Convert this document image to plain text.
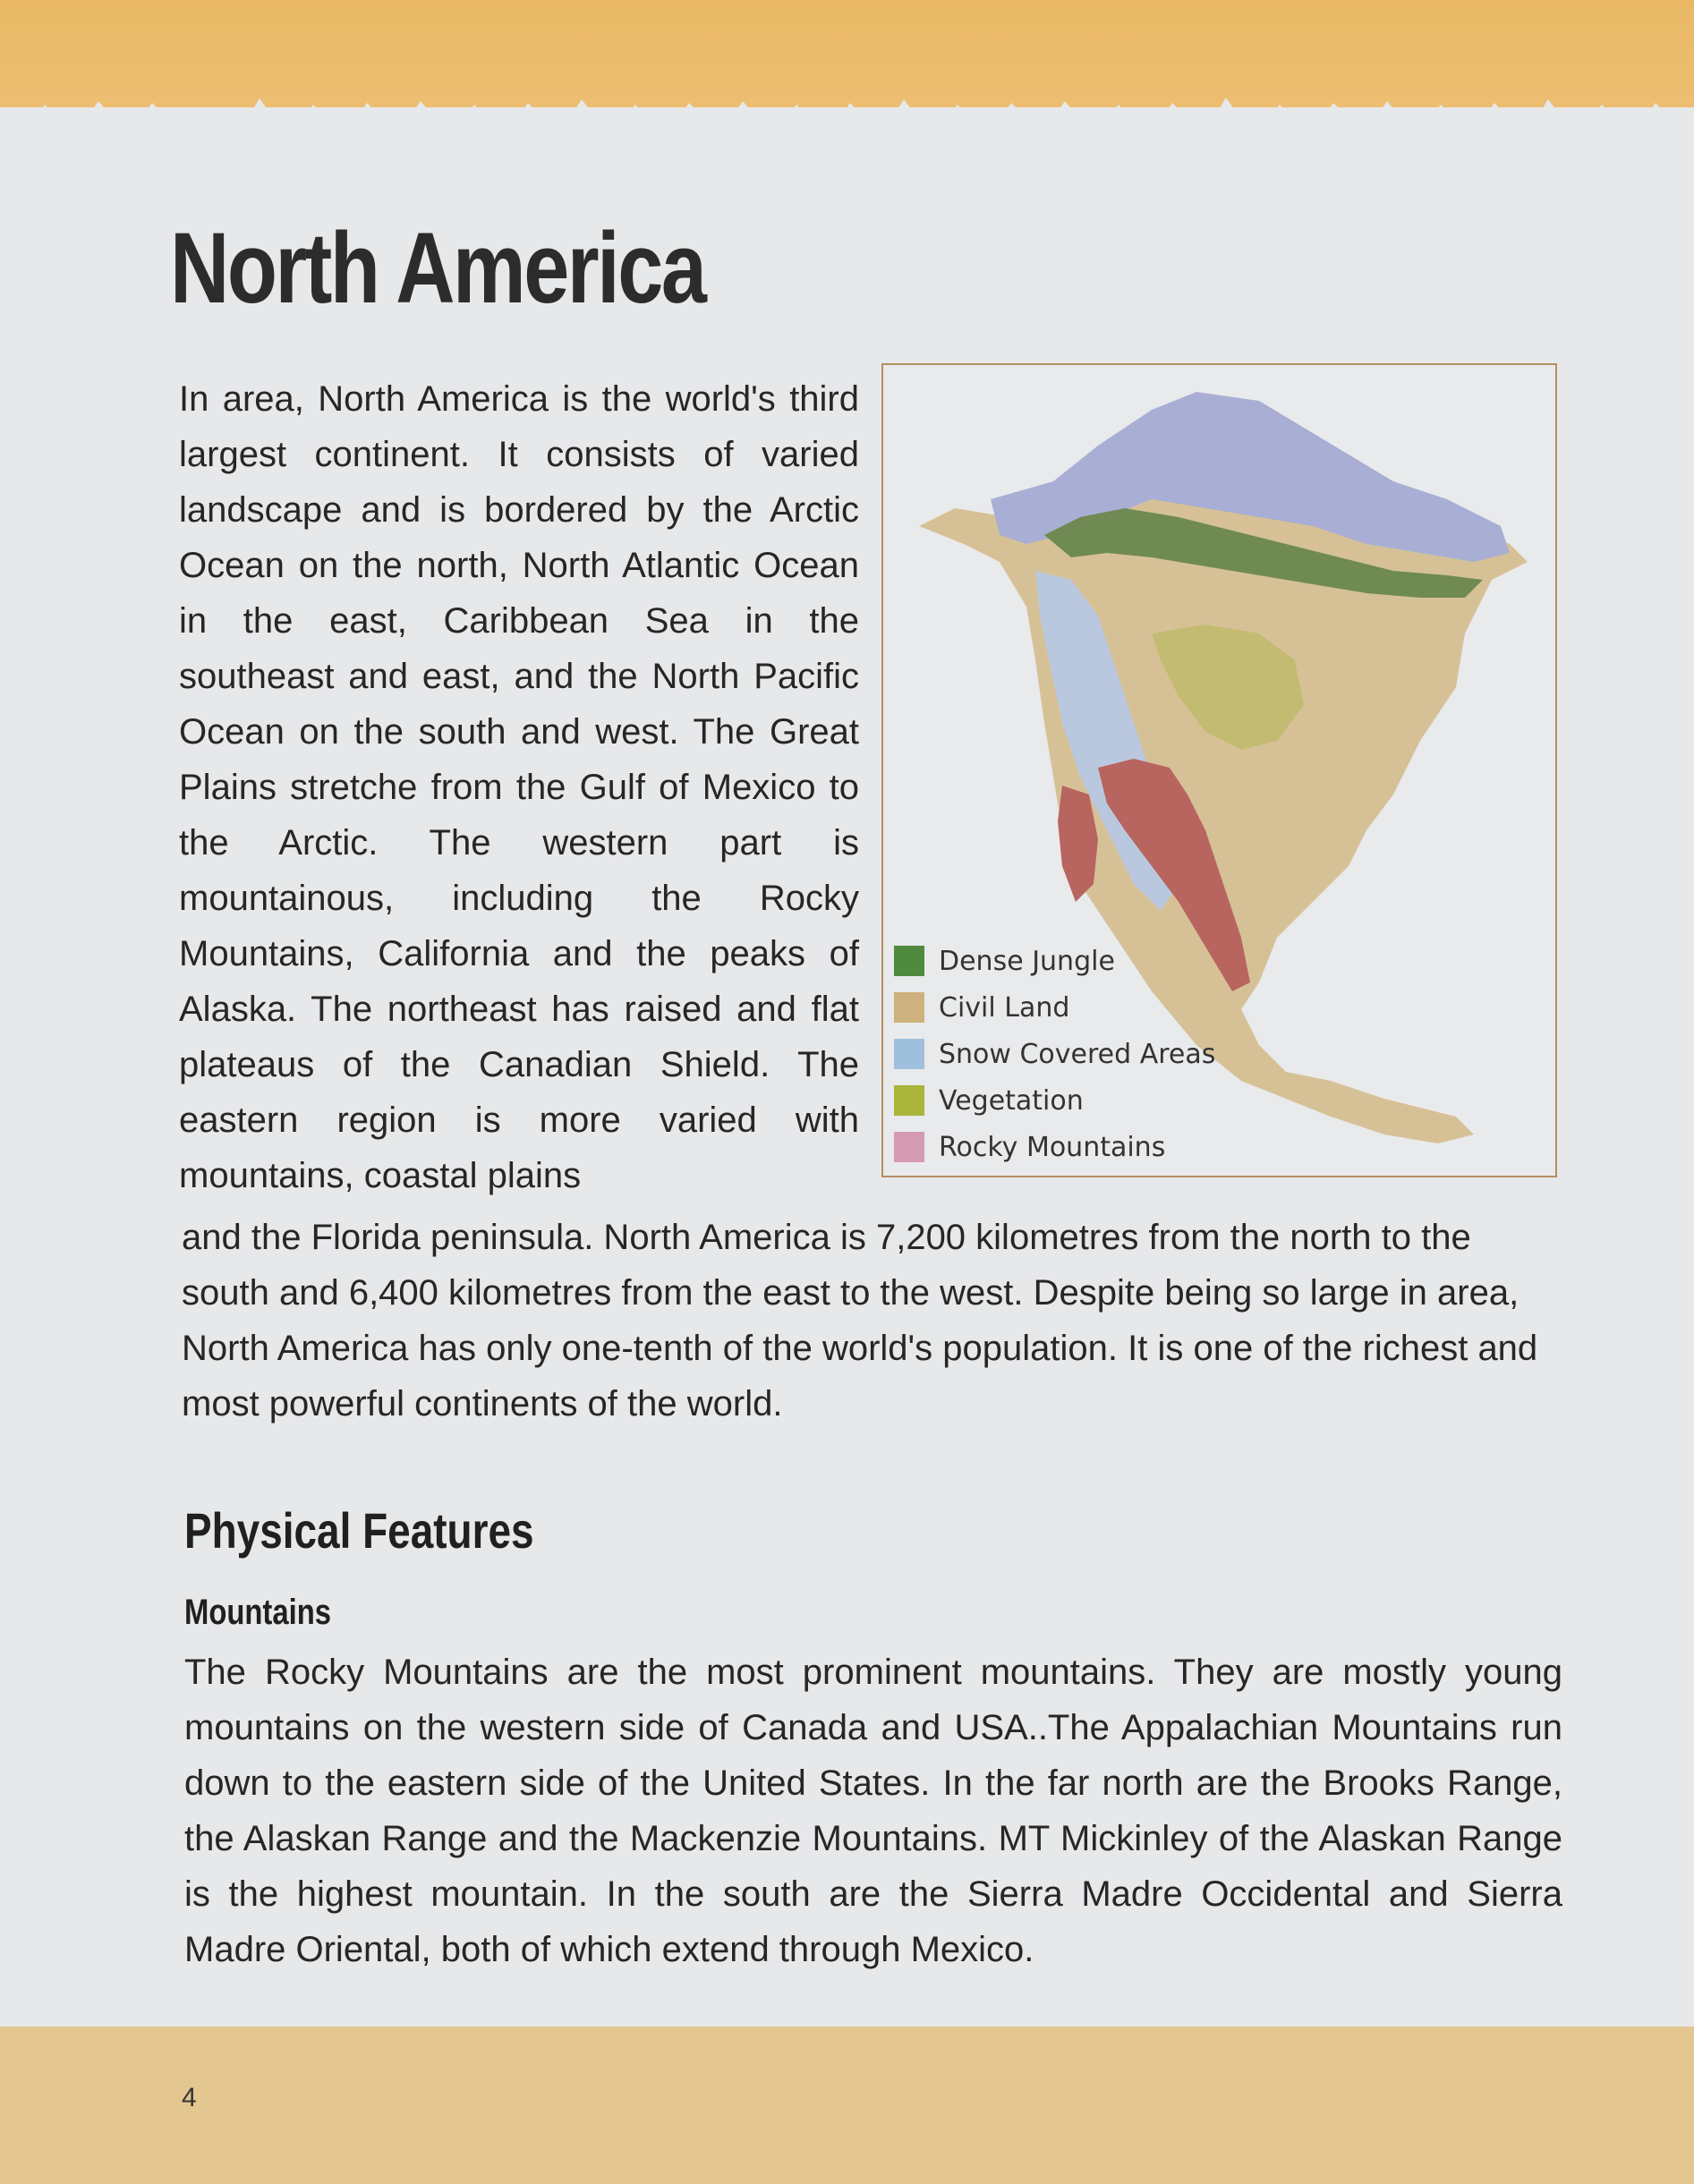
North America

In area, North America is the world's third largest continent. It consists of varied landscape and is bordered by the Arctic Ocean on the north, North Atlantic Ocean in the east, Caribbean Sea in the southeast and east, and the North Pacific Ocean on the south and west. The Great Plains stretche from the Gulf of Mexico to the Arctic. The western part is mountainous, including the Rocky Mountains, California and the peaks of Alaska. The northeast has raised and flat plateaus of the Canadian Shield. The eastern region is more varied with mountains, coastal plains

Dense Jungle
Civil Land
Snow Covered Areas
Vegetation
Rocky Mountains

and the Florida peninsula. North America is 7,200 kilometres from the north to the south and 6,400 kilometres from the east to the west. Despite being so large in area, North America has only one-tenth of the world's population. It is one of the richest and most powerful continents of the world.

Physical Features
Mountains

The Rocky Mountains are the most prominent mountains. They are mostly young mountains on the western side of Canada and USA..The Appalachian Mountains run down to the eastern side of the United States. In the far north are the Brooks Range, the Alaskan Range and the Mackenzie Mountains. MT Mickinley of the Alaskan Range is the highest mountain. In the south are the Sierra Madre Occidental and Sierra Madre Oriental, both of which extend through Mexico.

4
